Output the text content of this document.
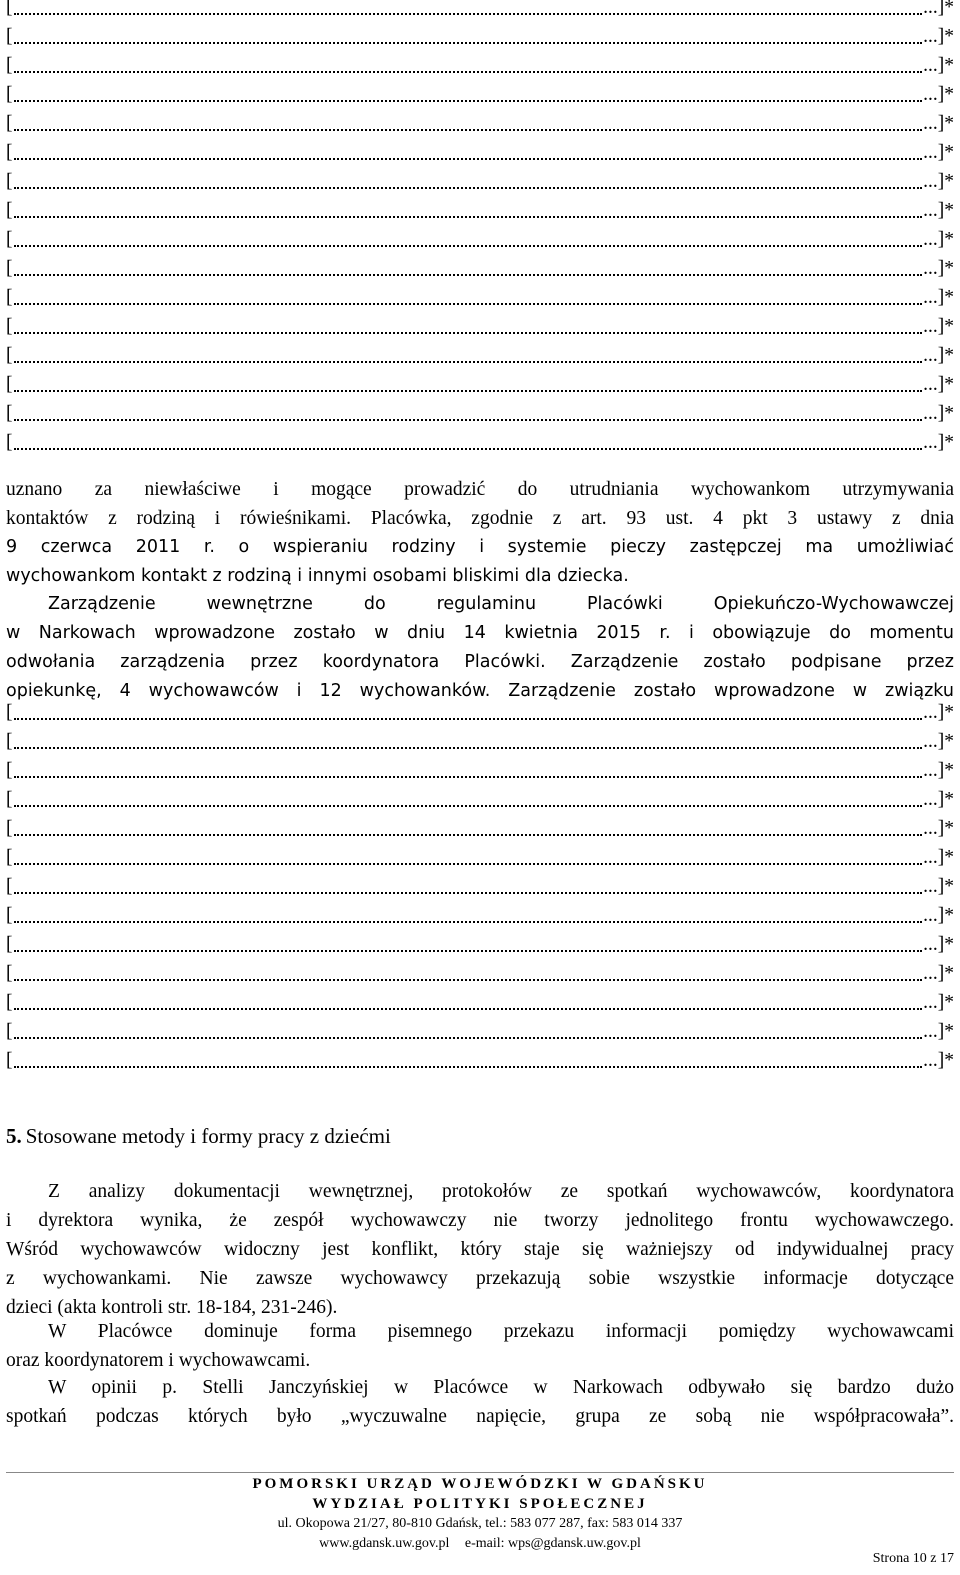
[	...]*
[	...]*
[	...]*
[	...]*
[	...]*
[	...]*
[	...]*
[	...]*
[	...]*
[	...]*
[	...]*
[	...]*
[	...]*
[	...]*
[	...]*
[	...]*
uznano za niewłaściwe i mogące prowadzić do utrudniania wychowankom utrzymywania
kontaktów z rodziną i rówieśnikami. Placówka, zgodnie z art. 93 ust. 4 pkt 3 ustawy z dnia
9 czerwca 2011 r. o wspieraniu rodziny i systemie pieczy zastępczej ma umożliwiać
wychowankom kontakt z rodziną i innymi osobami bliskimi dla dziecka.
Zarządzenie wewnętrzne do regulaminu Placówki Opiekuńczo-Wychowawczej
w Narkowach wprowadzone zostało w dniu 14 kwietnia 2015 r. i obowiązuje do momentu
odwołania zarządzenia przez koordynatora Placówki. Zarządzenie zostało podpisane przez
opiekunkę, 4 wychowawców i 12 wychowanków. Zarządzenie zostało wprowadzone w związku
[	...]*
[	...]*
[	...]*
[	...]*
[	...]*
[	...]*
[	...]*
[	...]*
[	...]*
[	...]*
[	...]*
[	...]*
[	...]*
5. Stosowane metody i formy pracy z dziećmi
Z analizy dokumentacji wewnętrznej, protokołów ze spotkań wychowawców, koordynatora
i dyrektora wynika, że zespół wychowawczy nie tworzy jednolitego frontu wychowawczego.
Wśród wychowawców widoczny jest konflikt, który staje się ważniejszy od indywidualnej pracy
z wychowankami. Nie zawsze wychowawcy przekazują sobie wszystkie informacje dotyczące
dzieci (akta kontroli str. 18-184, 231-246).
W Placówce dominuje forma pisemnego przekazu informacji pomiędzy wychowawcami
oraz koordynatorem i wychowawcami.
W opinii p. Stelli Janczyńskiej w Placówce w Narkowach odbywało się bardzo dużo
spotkań podczas których było „wyczuwalne napięcie, grupa ze sobą nie współpracowała”.
POMORSKI URZĄD WOJEWÓDZKI W GDAŃSKU
WYDZIAŁ POLITYKI SPOŁECZNEJ
ul. Okopowa 21/27, 80-810 Gdańsk, tel.: 583 077 287, fax: 583 014 337
www.gdansk.uw.gov.pl e-mail: wps@gdansk.uw.gov.pl
Strona 10 z 17
